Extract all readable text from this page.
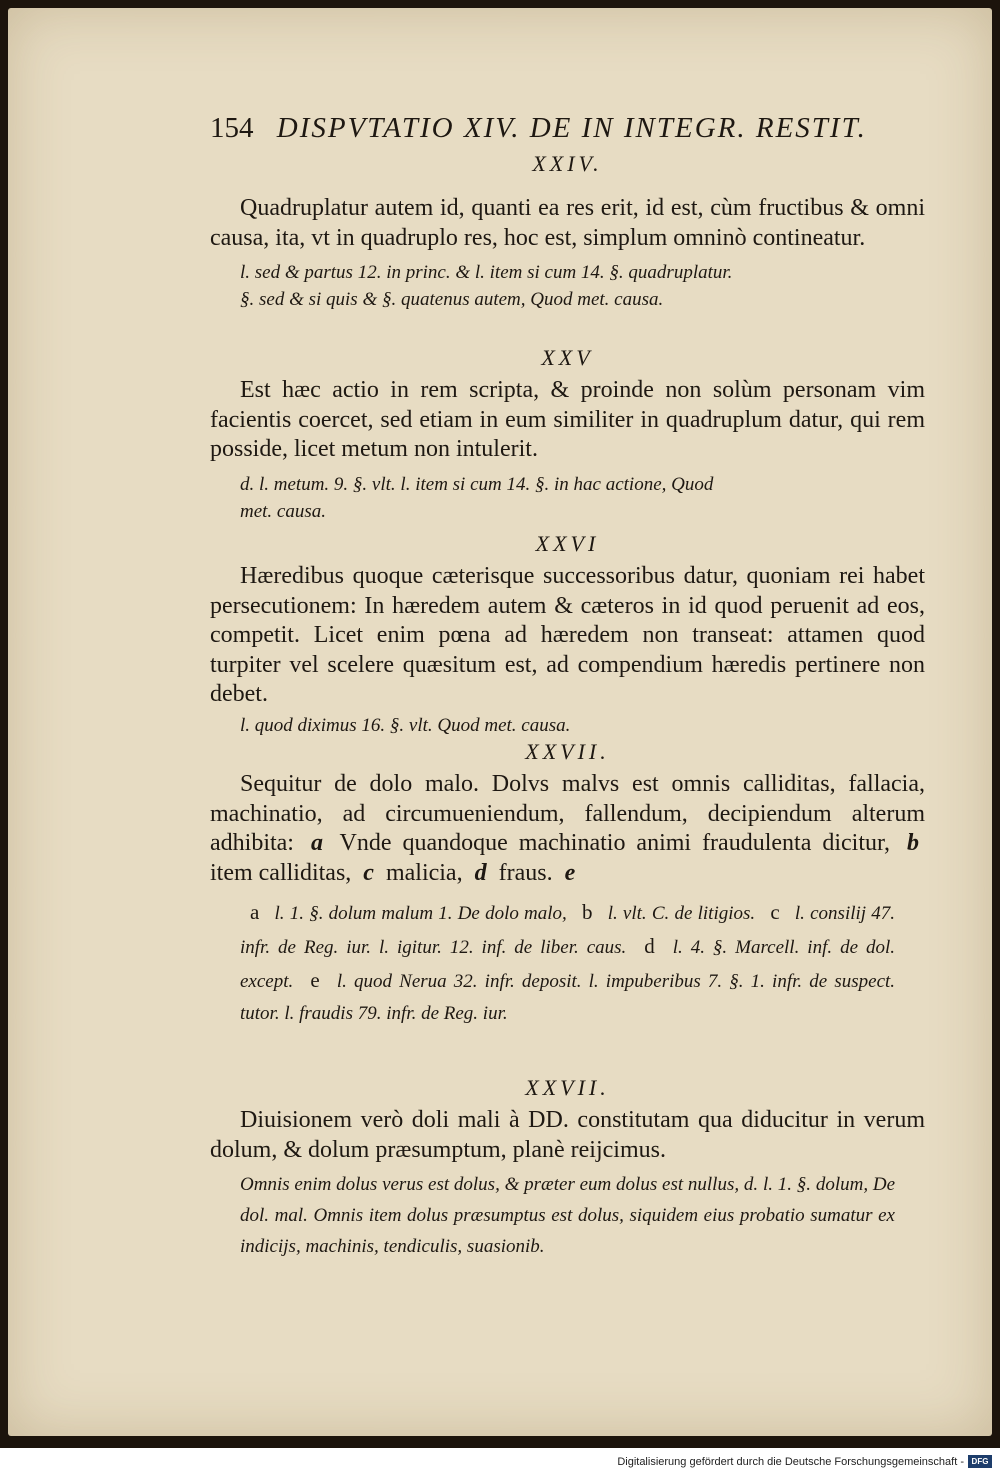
154 DISPVTATIO XIV. DE IN INTEGR. RESTIT.
XXIV.

Quadruplatur autem id, quanti ea res erit, id est, cùm fructibus & omni causa, ita, vt in quadruplo res, hoc est, simplum omninò contineatur.

l. sed & partus 12. in princ. & l. item si cum 14. §. quadruplatur.
§. sed & si quis & §. quatenus autem, Quod met. causa.
XXV

Est hæc actio in rem scripta, & proinde non solùm personam vim facientis coercet, sed etiam in eum similiter in quadruplum datur, qui rem posside, licet metum non intulerit.

d. l. metum. 9. §. vlt. l. item si cum 14. §. in hac actione, Quod
met. causa.
XXVI

Hæredibus quoque cæterisque successoribus datur, quoniam rei habet persecutionem: In hæredem autem & cæteros in id quod peruenit ad eos, competit. Licet enim pœna ad hæredem non transeat: attamen quod turpiter vel scelere quæsitum est, ad compendium hæredis pertinere non debet.

l. quod diximus 16. §. vlt. Quod met. causa.
XXVII.

Sequitur de dolo malo. Dolvs malvs est omnis calliditas, fallacia, machinatio, ad circumueniendum, fallendum, decipiendum alterum adhibita: a Vnde quandoque machinatio animi fraudulenta dicitur, b item calliditas, c malicia, d fraus. e

a l. 1. §. dolum malum 1. De dolo malo, b l. vlt. C. de litigios. c l. consilij 47. infr. de Reg. iur. l. igitur. 12. inf. de liber. caus. d l. 4. §. Marcell. inf. de dol. except. e l. quod Nerua 32. infr. deposit. l. impuberibus 7. §. 1. infr. de suspect. tutor. l. fraudis 79. infr. de Reg. iur.

XXVII.

Diuisionem verò doli mali à DD. constitutam qua diducitur in verum dolum, & dolum præsumptum, planè reijcimus.

Omnis enim dolus verus est dolus, & præter eum dolus est nullus, d. l. 1. §. dolum, De dol. mal. Omnis item dolus præsumptus est dolus, siquidem eius probatio sumatur ex indicijs, machinis, tendiculis, suasionib.

Digitalisierung gefördert durch die Deutsche Forschungsgemeinschaft - DFG
